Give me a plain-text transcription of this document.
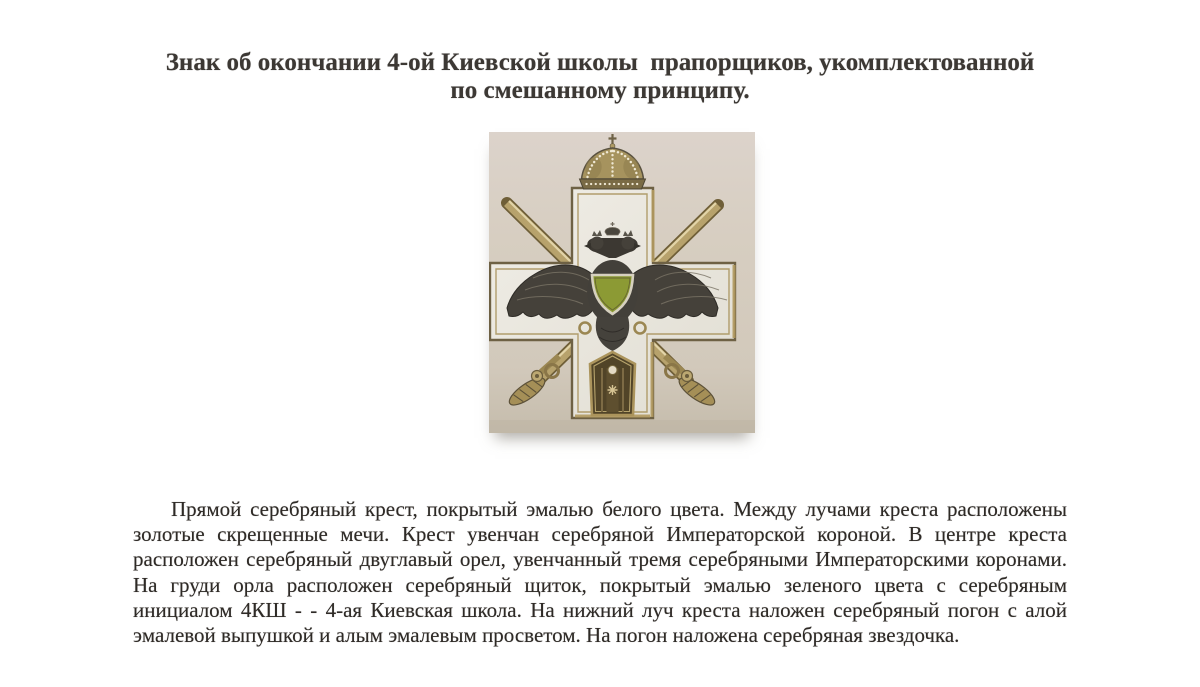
Знак об окончании 4-ой Киевской школы  прапорщиков, укомплектованной
по смешанному принципу.

Прямой серебряный крест, покрытый эмалью белого цвета. Между лучами креста расположены золотые скрещенные мечи. Крест увенчан серебряной Императорской короной. В центре креста расположен серебряный двуглавый орел, увенчанный тремя серебряными Императорскими коронами. На груди орла расположен серебряный щиток, покрытый эмалью зеленого цвета с серебряным инициалом 4КШ - - 4-ая Киевская школа. На нижний луч креста наложен серебряный погон с алой эмалевой выпушкой и алым эмалевым просветом. На погон наложена серебряная звездочка.
